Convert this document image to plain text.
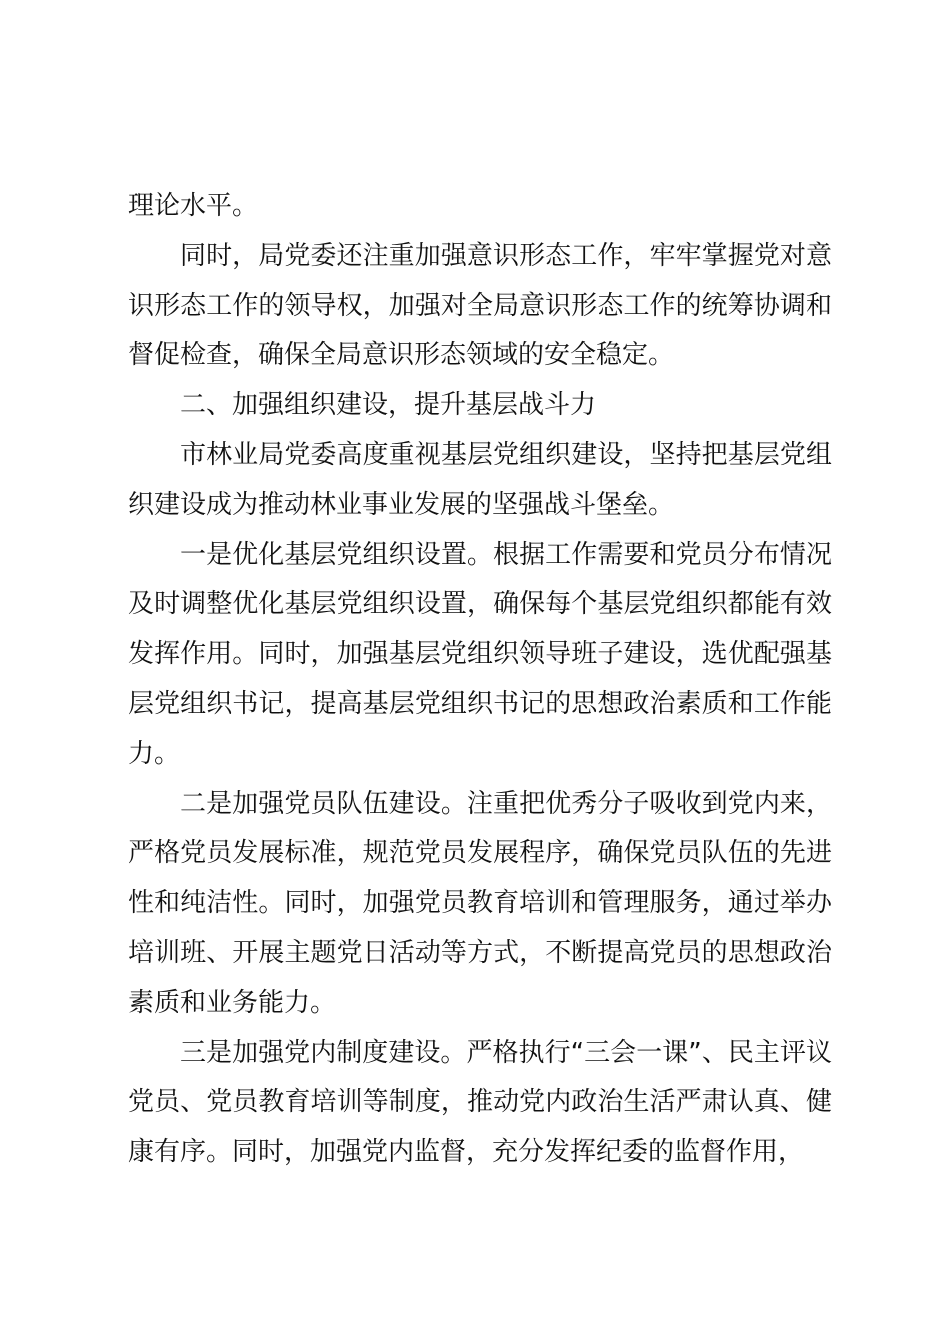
理论水平。

同时，局党委还注重加强意识形态工作，牢牢掌握党对意识形态工作的领导权，加强对全局意识形态工作的统筹协调和督促检查，确保全局意识形态领域的安全稳定。

二、加强组织建设，提升基层战斗力

市林业局党委高度重视基层党组织建设，坚持把基层党组织建设成为推动林业事业发展的坚强战斗堡垒。

一是优化基层党组织设置。根据工作需要和党员分布情况及时调整优化基层党组织设置，确保每个基层党组织都能有效发挥作用。同时，加强基层党组织领导班子建设，选优配强基层党组织书记，提高基层党组织书记的思想政治素质和工作能力。

二是加强党员队伍建设。注重把优秀分子吸收到党内来，严格党员发展标准，规范党员发展程序，确保党员队伍的先进性和纯洁性。同时，加强党员教育培训和管理服务，通过举办培训班、开展主题党日活动等方式，不断提高党员的思想政治素质和业务能力。

三是加强党内制度建设。严格执行“三会一课”、民主评议党员、党员教育培训等制度，推动党内政治生活严肃认真、健康有序。同时，加强党内监督，充分发挥纪委的监督作用，
